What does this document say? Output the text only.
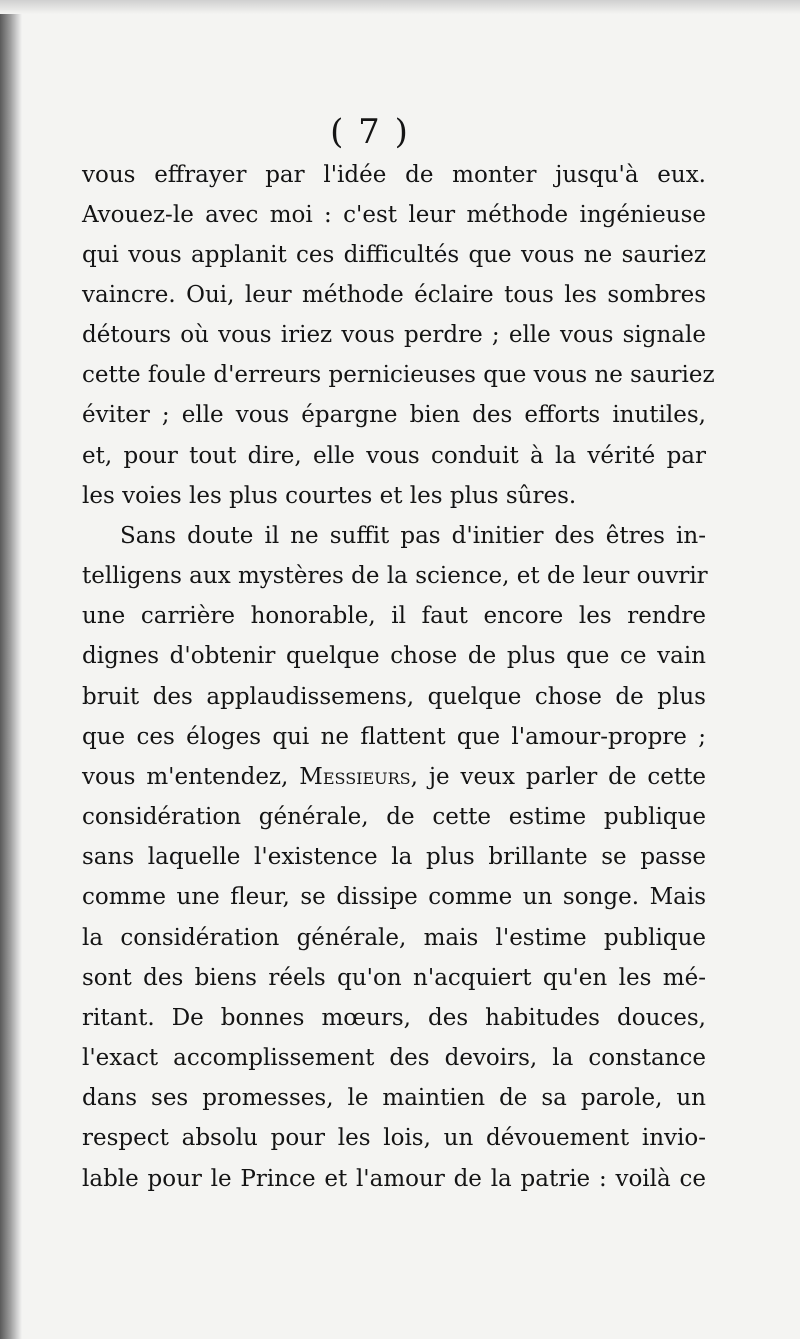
( 7 )
vous effrayer par l'idée de monter jusqu'à eux.
Avouez-le avec moi : c'est leur méthode ingénieuse
qui vous applanit ces difficultés que vous ne sauriez
vaincre. Oui, leur méthode éclaire tous les sombres
détours où vous iriez vous perdre ; elle vous signale
cette foule d'erreurs pernicieuses que vous ne sauriez
éviter ; elle vous épargne bien des efforts inutiles,
et, pour tout dire, elle vous conduit à la vérité par
les voies les plus courtes et les plus sûres.
Sans doute il ne suffit pas d'initier des êtres in-
telligens aux mystères de la science, et de leur ouvrir
une carrière honorable, il faut encore les rendre
dignes d'obtenir quelque chose de plus que ce vain
bruit des applaudissemens, quelque chose de plus
que ces éloges qui ne flattent que l'amour-propre ;
vous m'entendez, Messieurs, je veux parler de cette
considération générale, de cette estime publique
sans laquelle l'existence la plus brillante se passe
comme une fleur, se dissipe comme un songe. Mais
la considération générale, mais l'estime publique
sont des biens réels qu'on n'acquiert qu'en les mé-
ritant. De bonnes mœurs, des habitudes douces,
l'exact accomplissement des devoirs, la constance
dans ses promesses, le maintien de sa parole, un
respect absolu pour les lois, un dévouement invio-
lable pour le Prince et l'amour de la patrie : voilà ce
